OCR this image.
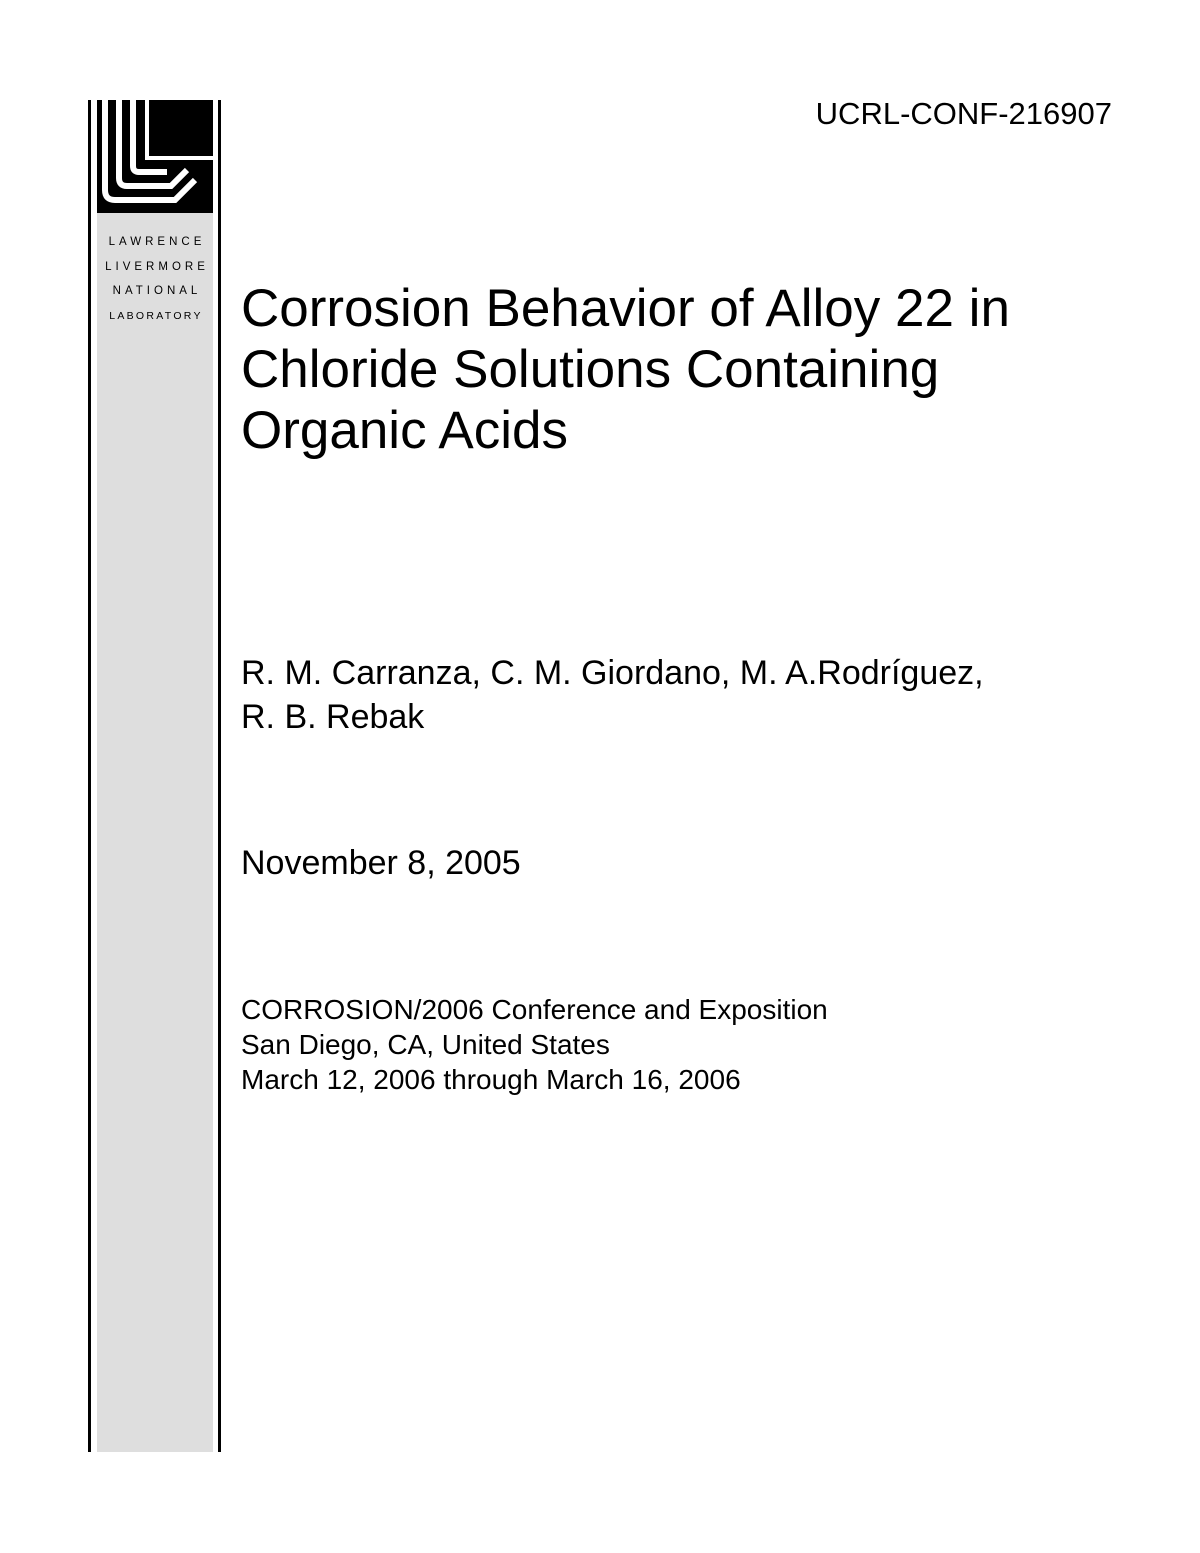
LAWRENCE
LIVERMORE
NATIONAL
LABORATORY
UCRL-CONF-216907
Corrosion Behavior of Alloy 22 in
Chloride Solutions Containing
Organic Acids
R. M. Carranza, C. M. Giordano, M. A.Rodríguez,
R. B. Rebak
November 8, 2005
CORROSION/2006 Conference and Exposition
San Diego, CA, United States
March 12, 2006 through March 16, 2006
